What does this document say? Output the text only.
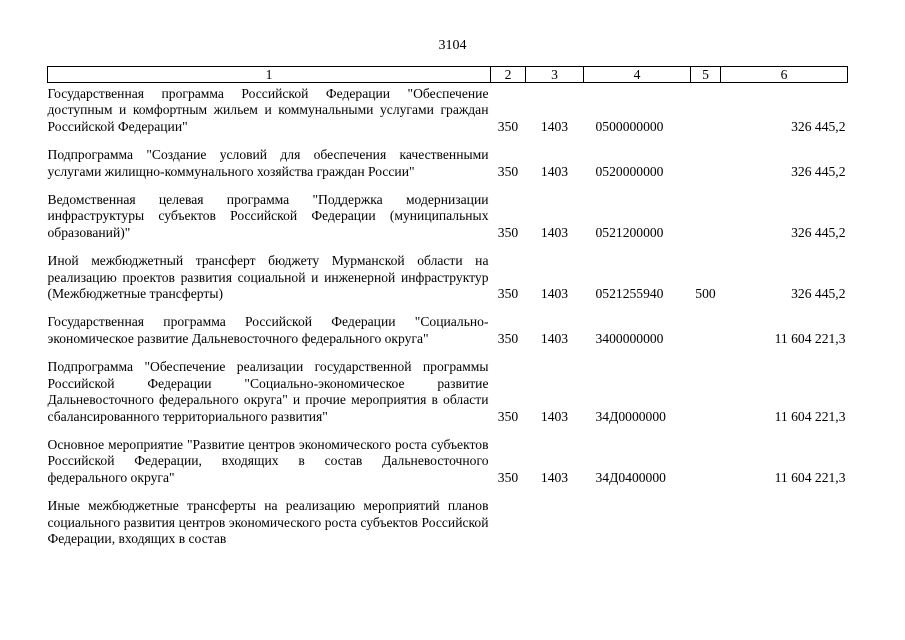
3104
1	2	3	4	5	6
Государственная программа Российской Федерации "Обеспечение доступным и комфортным жильем и коммунальными услугами граждан Российской Федерации"	350	1403	0500000000		326 445,2
Подпрограмма "Создание условий для обеспечения качественными услугами жилищно-коммунального хозяйства граждан России"	350	1403	0520000000		326 445,2
Ведомственная целевая программа "Поддержка модернизации инфраструктуры субъектов Российской Федерации (муниципальных образований)"	350	1403	0521200000		326 445,2
Иной межбюджетный трансферт бюджету Мурманской области на реализацию проектов развития социальной и инженерной инфраструктур (Межбюджетные трансферты)	350	1403	0521255940	500	326 445,2
Государственная программа Российской Федерации "Социально-экономическое развитие Дальневосточного федерального округа"	350	1403	3400000000		11 604 221,3
Подпрограмма "Обеспечение реализации государственной программы Российской Федерации "Социально-экономическое развитие Дальневосточного федерального округа" и прочие мероприятия в области сбалансированного территориального развития"	350	1403	34Д0000000		11 604 221,3
Основное мероприятие "Развитие центров экономического роста субъектов Российской Федерации, входящих в состав Дальневосточного федерального округа"	350	1403	34Д0400000		11 604 221,3
Иные межбюджетные трансферты на реализацию мероприятий планов социального развития центров экономического роста субъектов Российской Федерации, входящих в состав					
